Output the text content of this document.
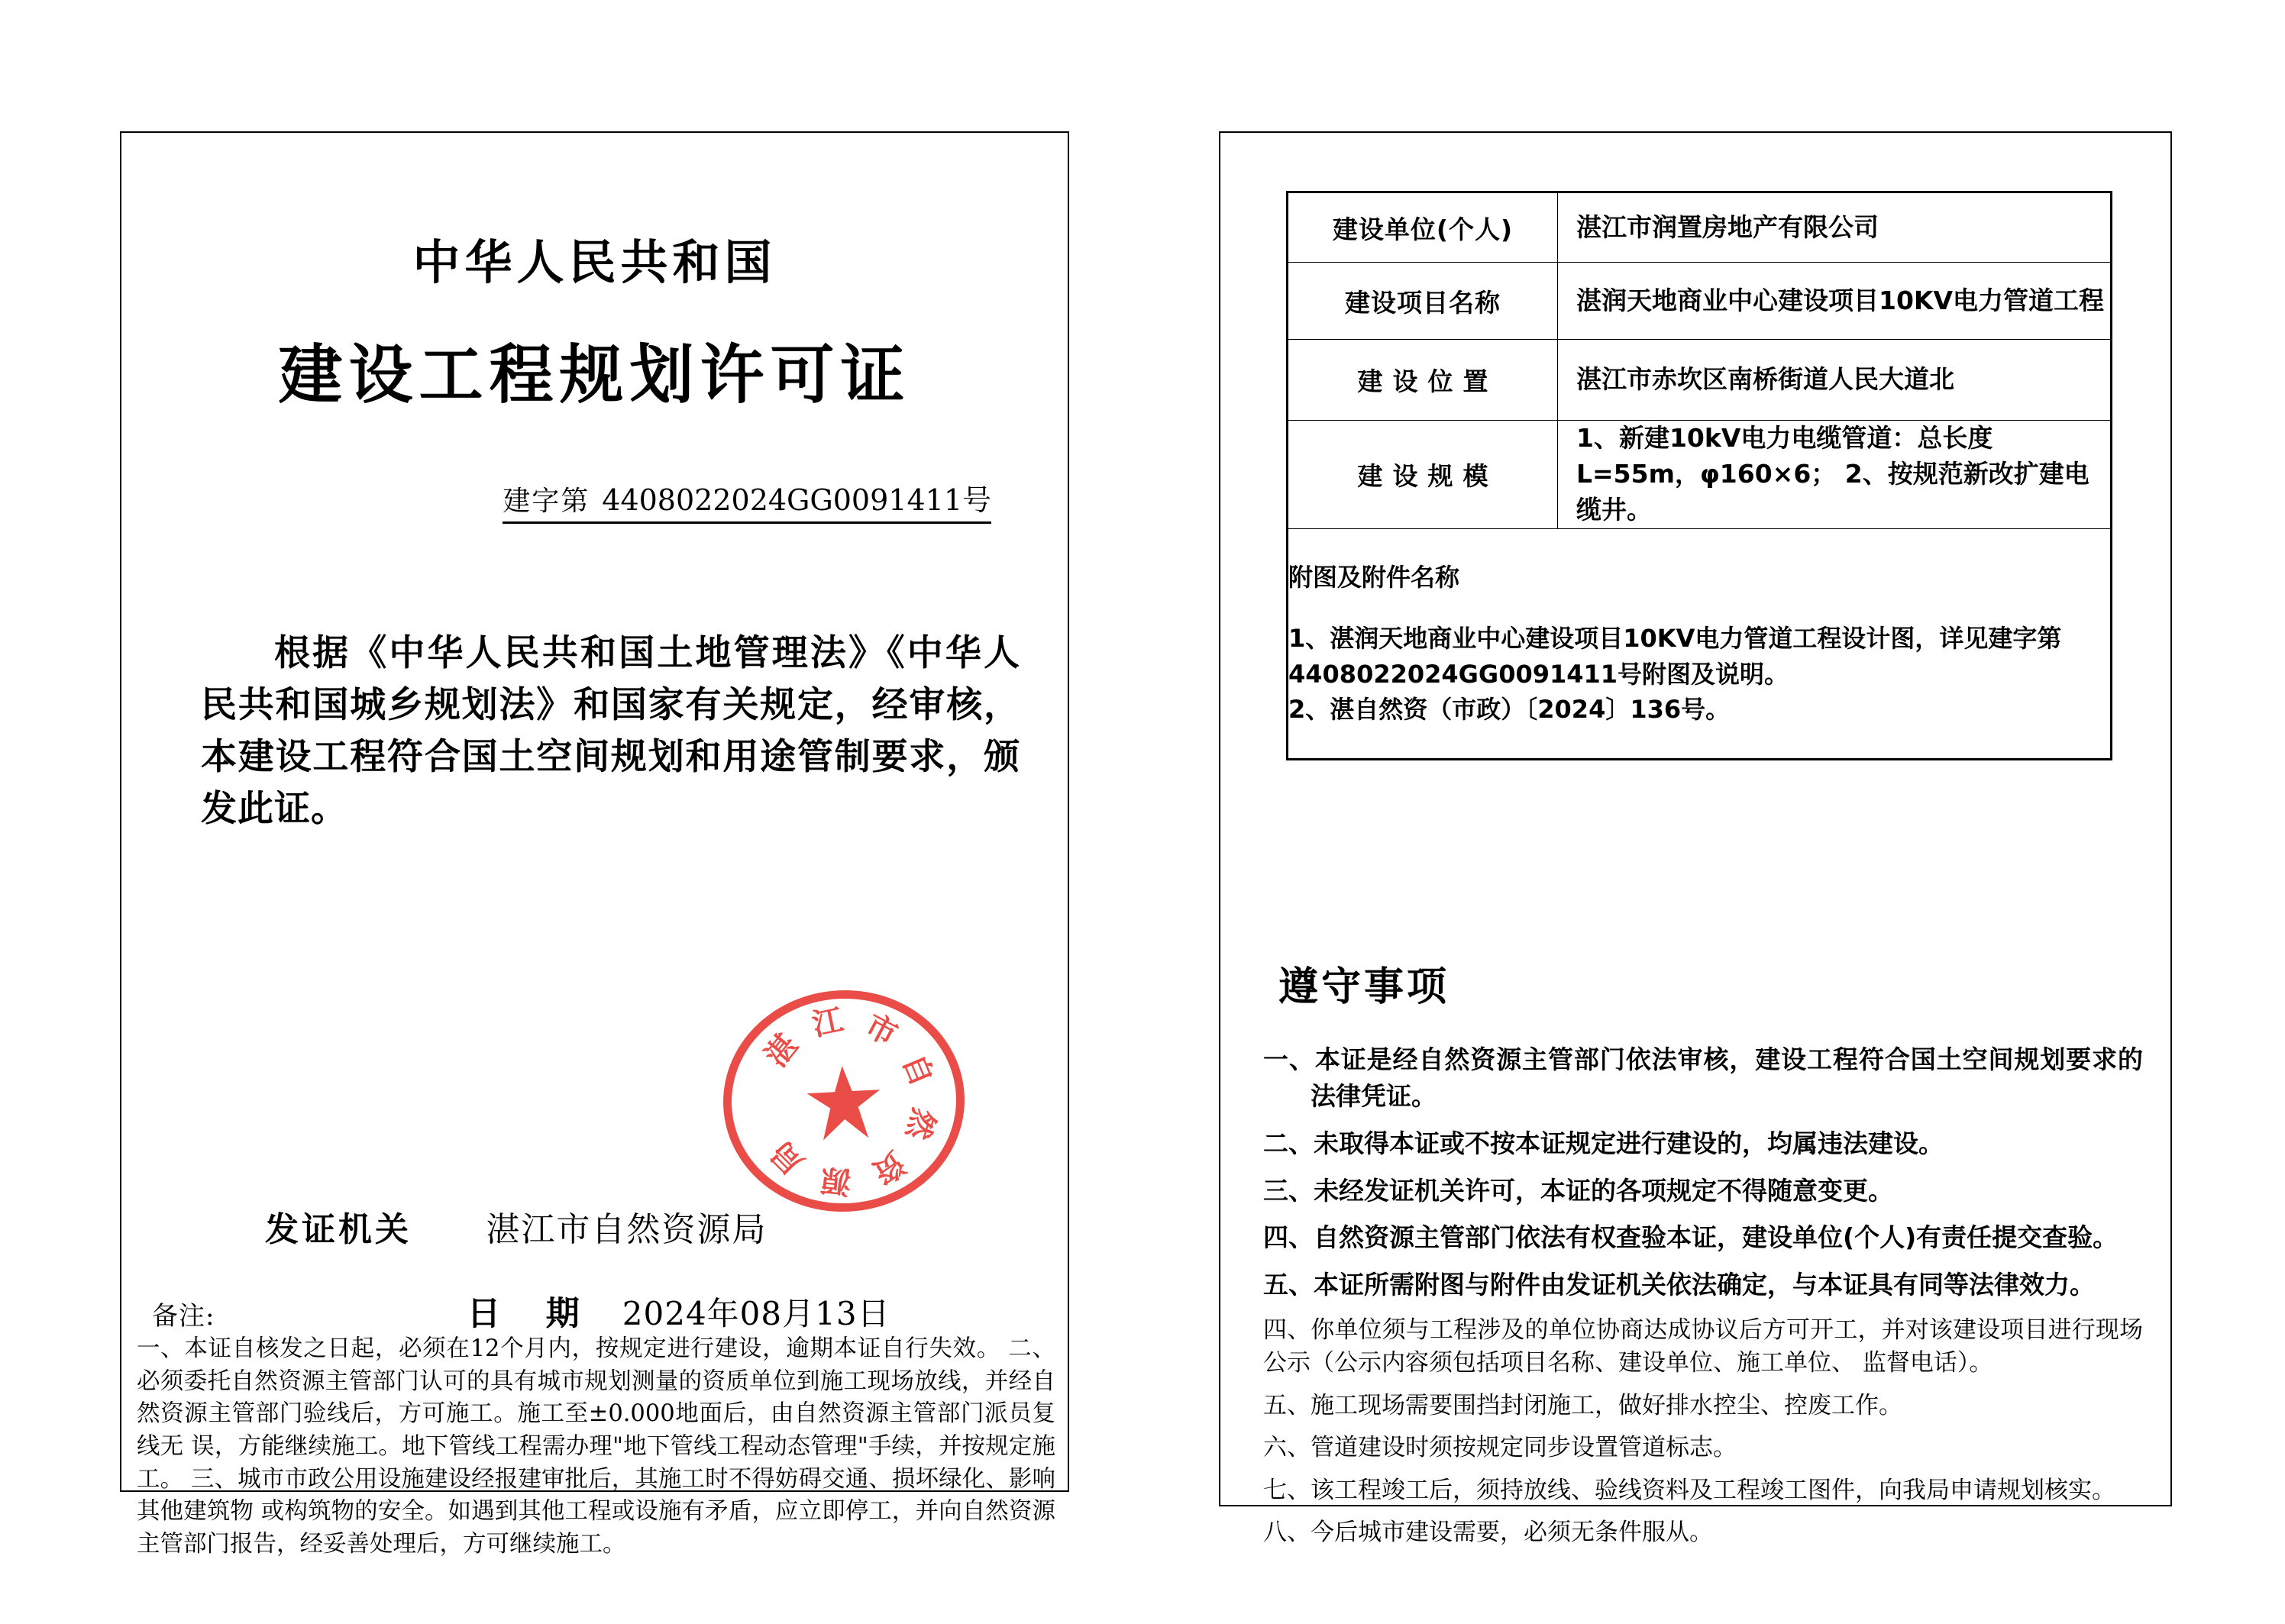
中华人民共和国
建设工程规划许可证
建字第 4408022024GG0091411号
根据《中华人民共和国土地管理法》《中华人民共和国城乡规划法》和国家有关规定，经审核，本建设工程符合国土空间规划和用途管制要求，颁发此证。
湛
江 市
自
然
资
源
局
发证机关 湛江市自然资源局
备注:	日 期 2024年08月13日
一、本证自核发之日起，必须在12个月内，按规定进行建设，逾期本证自行失效。 二、必须委托自然资源主管部门认可的具有城市规划测量的资质单位到施工现场放线，并经自然资源主管部门验线后，方可施工。施工至±0.000地面后，由自然资源主管部门派员复线无 误，方能继续施工。地下管线工程需办理"地下管线工程动态管理"手续，并按规定施工。 三、城市市政公用设施建设经报建审批后，其施工时不得妨碍交通、损坏绿化、影响其他建筑物 或构筑物的安全。如遇到其他工程或设施有矛盾，应立即停工，并向自然资源主管部门报告，经妥善处理后，方可继续施工。
建设单位(个人)	湛江市润置房地产有限公司
建设项目名称	湛润天地商业中心建设项目10KV电力管道工程
建设位置	湛江市赤坎区南桥街道人民大道北
建设规模	1、新建10kV电力电缆管道：总长度L=55m，φ160×6； 2、按规范新改扩建电缆井。

附图及附件名称
1、湛润天地商业中心建设项目10KV电力管道工程设计图，详见建字第4408022024GG0091411号附图及说明。
2、湛自然资（市政）〔2024〕136号。	
遵守事项
一、本证是经自然资源主管部门依法审核，建设工程符合国土空间规划要求的法律凭证。
二、未取得本证或不按本证规定进行建设的，均属违法建设。
三、未经发证机关许可，本证的各项规定不得随意变更。
四、自然资源主管部门依法有权查验本证，建设单位(个人)有责任提交查验。
五、本证所需附图与附件由发证机关依法确定，与本证具有同等法律效力。
四、你单位须与工程涉及的单位协商达成协议后方可开工，并对该建设项目进行现场公示（公示内容须包括项目名称、建设单位、施工单位、 监督电话）。
五、施工现场需要围挡封闭施工，做好排水控尘、控废工作。
六、管道建设时须按规定同步设置管道标志。
七、该工程竣工后，须持放线、验线资料及工程竣工图件，向我局申请规划核实。
八、今后城市建设需要，必须无条件服从。
